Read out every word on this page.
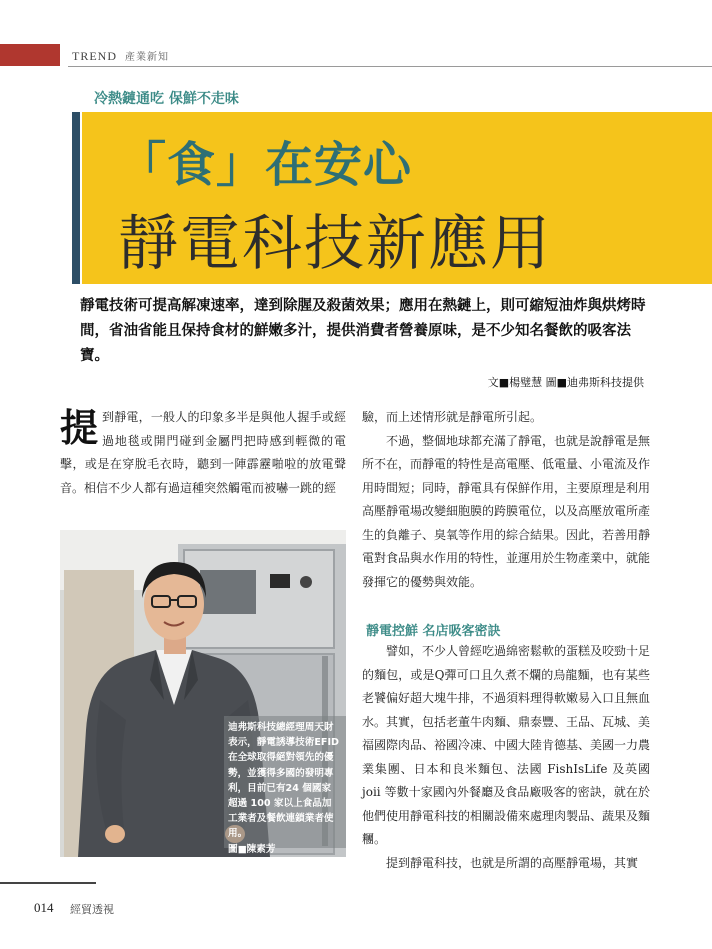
TREND 產業新知
冷熱鏈通吃 保鮮不走味
「食」在安心
靜電科技新應用
靜電技術可提高解凍速率，達到除腥及殺菌效果；應用在熱鏈上，則可縮短油炸與烘烤時間，省油省能且保持食材的鮮嫩多汁，提供消費者營養原味，是不少知名餐飲的吸客法寶。
文■楊璧慧 圖■迪弗斯科技提供
提 到靜電，一般人的印象多半是與他人握手或經過地毯或開門碰到金屬門把時感到輕微的電擊，或是在穿脫毛衣時，聽到一陣霹靂啪啦的放電聲音。相信不少人都有過這種突然觸電而被嚇一跳的經

迪弗斯科技總經理周天財表示，靜電誘導技術EFID 在全球取得絕對領先的優勢，並獲得多國的發明專利，目前已有24 個國家超過 100 家以上食品加工業者及餐飲連鎖業者使用。
圖■陳素芳

驗，而上述情形就是靜電所引起。

不過，整個地球都充滿了靜電，也就是說靜電是無所不在，而靜電的特性是高電壓、低電量、小電流及作用時間短；同時，靜電具有保鮮作用，主要原理是利用高壓靜電場改變細胞膜的跨膜電位，以及高壓放電所產生的負離子、臭氧等作用的綜合結果。因此，若善用靜電對食品與水作用的特性，並運用於生物產業中，就能發揮它的優勢與效能。

靜電控鮮 名店吸客密訣

譬如，不少人曾經吃過綿密鬆軟的蛋糕及咬勁十足的麵包，或是Q彈可口且久煮不爛的烏龍麵，也有某些老饕偏好超大塊牛排，不過須料理得軟嫩易入口且無血水。其實，包括老董牛肉麵、鼎泰豐、王品、瓦城、美福國際肉品、裕國冷凍、中國大陸肯德基、美國一力農業集團、日本和良米麵包、法國 FishIsLife 及英國 joii 等數十家國內外餐廳及食品廠吸客的密訣，就在於他們使用靜電科技的相關設備來處理肉製品、蔬果及麵糰。

提到靜電科技，也就是所謂的高壓靜電場，其實

014 經貿透視
